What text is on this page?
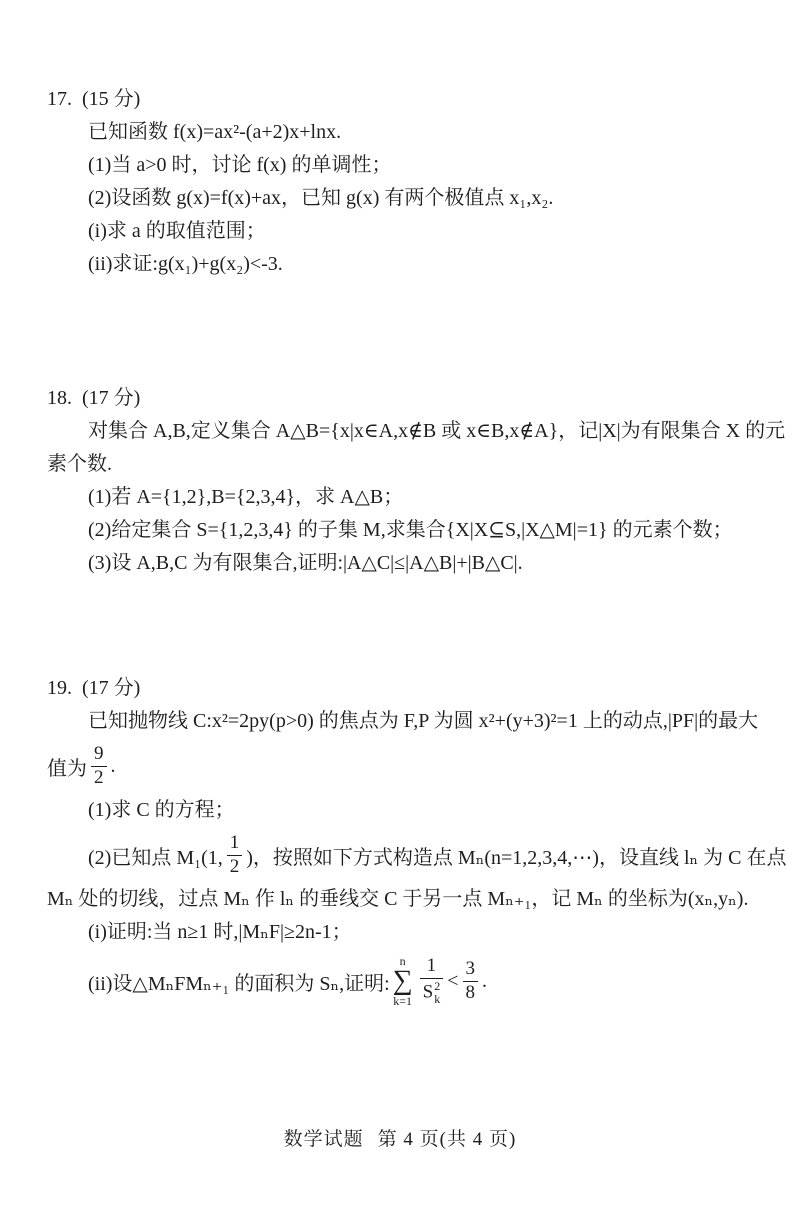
17. (15 分)
已知函数 f(x)=ax²-(a+2)x+lnx.
(1)当 a>0 时，讨论 f(x) 的单调性；
(2)设函数 g(x)=f(x)+ax，已知 g(x) 有两个极值点 x₁,x₂.
(i)求 a 的取值范围；
(ii)求证:g(x₁)+g(x₂)<-3.
18. (17 分)
对集合 A,B,定义集合 A△B={x|x∈A,x∉B 或 x∈B,x∉A}，记|X|为有限集合 X 的元
素个数.
(1)若 A={1,2},B={2,3,4}，求 A△B；
(2)给定集合 S={1,2,3,4} 的子集 M,求集合{X|X⊆S,|X△M|=1} 的元素个数；
(3)设 A,B,C 为有限集合,证明:|A△C|≤|A△B|+|B△C|.
19. (17 分)
已知抛物线 C:x²=2py(p>0) 的焦点为 F,P 为圆 x²+(y+3)²=1 上的动点,|PF|的最大
值为 $\frac{9}{2}$ .
(1)求 C 的方程；
(2)已知点 M₁(1, $\frac{1}{2}$ )，按照如下方式构造点 Mₙ(n=1,2,3,4,⋯)，设直线 lₙ 为 C 在点
Mₙ 处的切线，过点 Mₙ 作 lₙ 的垂线交 C 于另一点 Mₙ₊₁，记 Mₙ 的坐标为(xₙ,yₙ).
(i)证明:当 n≥1 时,|MₙF|≥2n-1；
(ii)设△MₙFMₙ₊₁ 的面积为 Sₙ,证明:
n
∑
k=1 1
S 2
$k < \frac{3}{8}$ .
数学试题 第 4 页(共 4 页)
